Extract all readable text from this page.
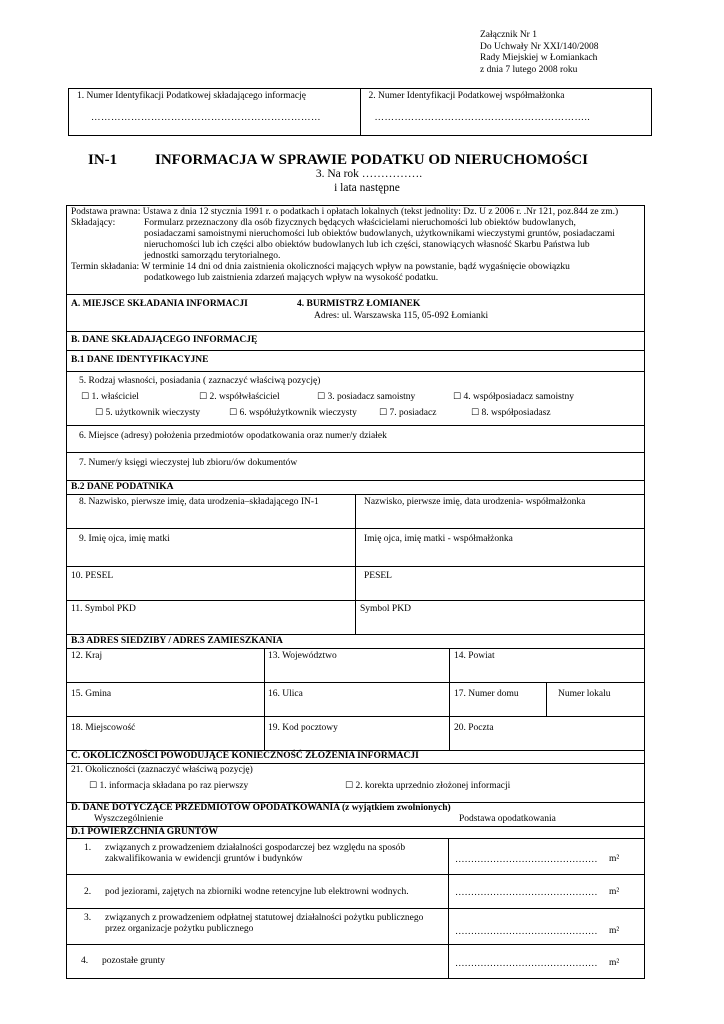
Załącznik Nr 1
Do Uchwały Nr XXI/140/2008
Rady Miejskiej w Łomiankach
z dnia 7 lutego 2008 roku
1. Numer Identyfikacji Podatkowej składającego informację
……………………………………………………………
2. Numer Identyfikacji Podatkowej współmałżonka
………………………………………………………..
IN-1	INFORMACJA W SPRAWIE PODATKU OD NIERUCHOMOŚCI
3. Na rok …………….
i lata następne
Podstawa prawna: Ustawa z dnia 12 stycznia 1991 r. o podatkach i opłatach lokalnych (tekst jednolity: Dz. U z 2006 r. .Nr 121, poz.844 ze zm.)
Składający:	Formularz przeznaczony dla osób fizycznych będących właścicielami nieruchomości lub obiektów budowlanych,
posiadaczami samoistnymi nieruchomości lub obiektów budowlanych, użytkownikami wieczystymi gruntów, posiadaczami
nieruchomości lub ich części albo obiektów budowlanych lub ich części, stanowiących własność Skarbu Państwa lub
jednostki samorządu terytorialnego.
Termin składania: W terminie 14 dni od dnia zaistnienia okoliczności mających wpływ na powstanie, bądź wygaśnięcie obowiązku
podatkowego lub zaistnienia zdarzeń mających wpływ na wysokość podatku.
A. MIEJSCE SKŁADANIA INFORMACJI	4. BURMISTRZ ŁOMIANEK
Adres: ul. Warszawska 115, 05-092 Łomianki
B. DANE SKŁADAJĄCEGO INFORMACJĘ
B.1 DANE IDENTYFIKACYJNE
5. Rodzaj własności, posiadania ( zaznaczyć właściwą pozycję)
☐ 1. właściciel	☐ 2. współwłaściciel	☐ 3. posiadacz samoistny	☐ 4. współposiadacz samoistny
☐ 5. użytkownik wieczysty	☐ 6. współużytkownik wieczysty ☐ 7. posiadacz	☐ 8. współposiadasz
6. Miejsce (adresy) położenia przedmiotów opodatkowania oraz numer/y działek
7. Numer/y księgi wieczystej lub zbioru/ów dokumentów
B.2 DANE PODATNIKA
8. Nazwisko, pierwsze imię, data urodzenia–składającego IN-1	Nazwisko, pierwsze imię, data urodzenia- współmałżonka
9. Imię ojca, imię matki	Imię ojca, imię matki - współmałżonka
10. PESEL	PESEL
11. Symbol PKD	Symbol PKD
B.3 ADRES SIEDZIBY / ADRES ZAMIESZKANIA
12. Kraj	13. Województwo	14. Powiat
15. Gmina	16. Ulica	17. Numer domu	Numer lokalu
18. Miejscowość	19. Kod pocztowy	20. Poczta
C. OKOLICZNOŚCI POWODUJĄCE KONIECZNOŚĆ ZŁOŻENIA INFORMACJI
21. Okoliczności (zaznaczyć właściwą pozycję)
☐ 1. informacja składana po raz pierwszy	☐ 2. korekta uprzednio złożonej informacji
D. DANE DOTYCZĄCE PRZEDMIOTÓW OPODATKOWANIA (z wyjątkiem zwolnionych)
Wyszczególnienie	Podstawa opodatkowania
D.1 POWIERZCHNIA GRUNTÓW
1. związanych z prowadzeniem działalności gospodarczej bez względu na sposób
zakwalifikowania w ewidencji gruntów i budynków	……………………………………… m²
2. pod jeziorami, zajętych na zbiorniki wodne retencyjne lub elektrowni wodnych.	……………………………………… m²
3. związanych z prowadzeniem odpłatnej statutowej działalności pożytku publicznego
przez organizacje pożytku publicznego	……………………………………… m²
4. pozostałe grunty	……………………………………… m²
